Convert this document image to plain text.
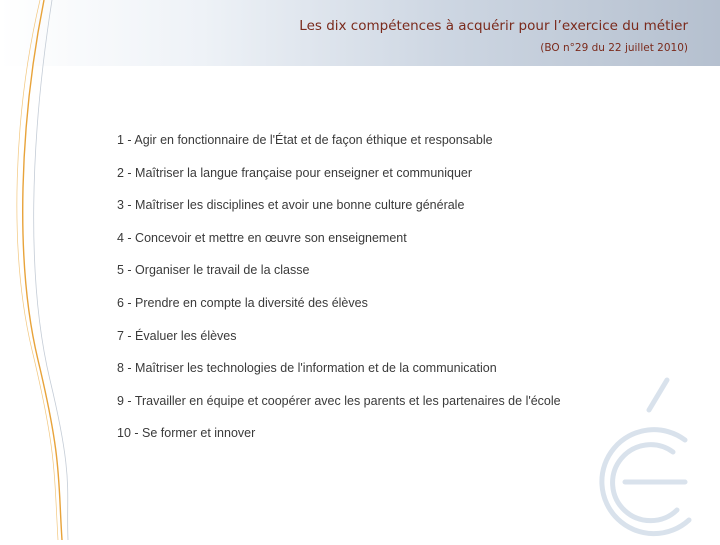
Les dix compétences à acquérir pour l’exercice du métier

(BO n°29 du 22 juillet 2010)

1 - Agir en fonctionnaire de l'État et de façon éthique et responsable
2 - Maîtriser la langue française pour enseigner et communiquer
3 - Maîtriser les disciplines et avoir une bonne culture générale
4 - Concevoir et mettre en œuvre son enseignement
5 - Organiser le travail de la classe
6 - Prendre en compte la diversité des élèves
7 - Évaluer les élèves
8 - Maîtriser les technologies de l'information et de la communication
9 - Travailler en équipe et coopérer avec les parents et les partenaires de l'école
10 - Se former et innover
